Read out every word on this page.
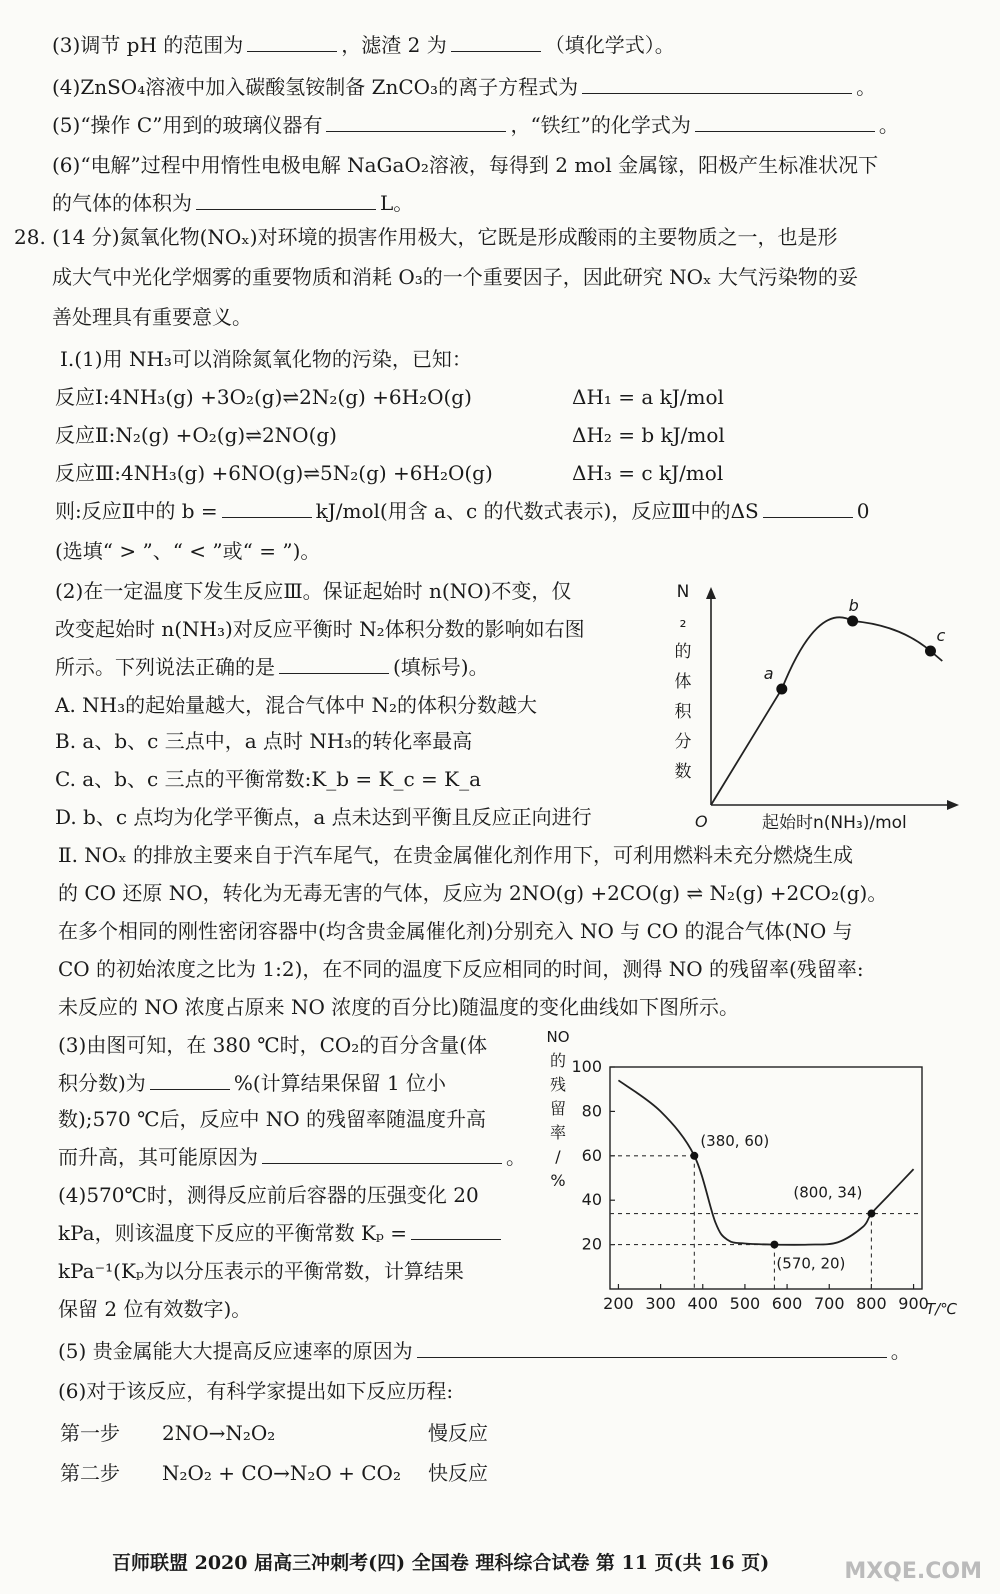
(3)调节 pH 的范围为	，滤渣 2 为	（填化学式）。
(4)ZnSO₄溶液中加入碳酸氢铵制备 ZnCO₃的离子方程式为	。
(5)“操作 C”用到的玻璃仪器有	，“铁红”的化学式为	。
(6)“电解”过程中用惰性电极电解 NaGaO₂溶液，每得到 2 mol 金属镓，阳极产生标准状况下
的气体的体积为	L。
28. (14 分)氮氧化物(NOₓ)对环境的损害作用极大，它既是形成酸雨的主要物质之一，也是形
成大气中光化学烟雾的重要物质和消耗 O₃的一个重要因子，因此研究 NOₓ 大气污染物的妥
善处理具有重要意义。
Ⅰ.(1)用 NH₃可以消除氮氧化物的污染，已知：
反应Ⅰ:4NH₃(g) +3O₂(g)⇌2N₂(g) +6H₂O(g)	ΔH₁ = a kJ/mol
反应Ⅱ:N₂(g) +O₂(g)⇌2NO(g)	ΔH₂ = b kJ/mol
反应Ⅲ:4NH₃(g) +6NO(g)⇌5N₂(g) +6H₂O(g)	ΔH₃ = c kJ/mol
则:反应Ⅱ中的 b =	kJ/mol(用含 a、c 的代数式表示)，反应Ⅲ中的ΔS	0
(选填“ > ”、“ < ”或“ = ”)。
(2)在一定温度下发生反应Ⅲ。保证起始时 n(NO)不变，仅
改变起始时 n(NH₃)对反应平衡时 N₂体积分数的影响如右图
所示。下列说法正确的是	(填标号)。
A. NH₃的起始量越大，混合气体中 N₂的体积分数越大
B. a、b、c 三点中，a 点时 NH₃的转化率最高
C. a、b、c 三点的平衡常数:K_b = K_c = K_a
D. b、c 点均为化学平衡点，a 点未达到平衡且反应正向进行
N
₂
的
体
积
分
数
O
a
b
c
起始时n(NH₃)/mol
Ⅱ. NOₓ 的排放主要来自于汽车尾气，在贵金属催化剂作用下，可利用燃料未充分燃烧生成
的 CO 还原 NO，转化为无毒无害的气体，反应为 2NO(g) +2CO(g) ⇌ N₂(g) +2CO₂(g)。
在多个相同的刚性密闭容器中(均含贵金属催化剂)分别充入 NO 与 CO 的混合气体(NO 与
CO 的初始浓度之比为 1:2)，在不同的温度下反应相同的时间，测得 NO 的残留率(残留率:
未反应的 NO 浓度占原来 NO 浓度的百分比)随温度的变化曲线如下图所示。
(3)由图可知，在 380 ℃时，CO₂的百分含量(体
积分数)为	%(计算结果保留 1 位小
数);570 ℃后，反应中 NO 的残留率随温度升高
而升高，其可能原因为	。
(4)570℃时，测得反应前后容器的压强变化 20
kPa，则该温度下反应的平衡常数 Kₚ =
kPa⁻¹(Kₚ为以分压表示的平衡常数，计算结果
保留 2 位有效数字)。
NO
的
残
留
率
/
%
20
40
60
80
100
200 300 400 500 600 700 800 900
(380, 60)
(570, 20)
(800, 34)
T/℃
(5) 贵金属能大大提高反应速率的原因为	。
(6)对于该反应，有科学家提出如下反应历程:
第一步 2NO→N₂O₂	慢反应
第二步 N₂O₂ + CO→N₂O + CO₂ 快反应
百师联盟 2020 届高三冲刺考(四) 全国卷 理科综合试卷 第 11 页(共 16 页)	MXQE.COM
